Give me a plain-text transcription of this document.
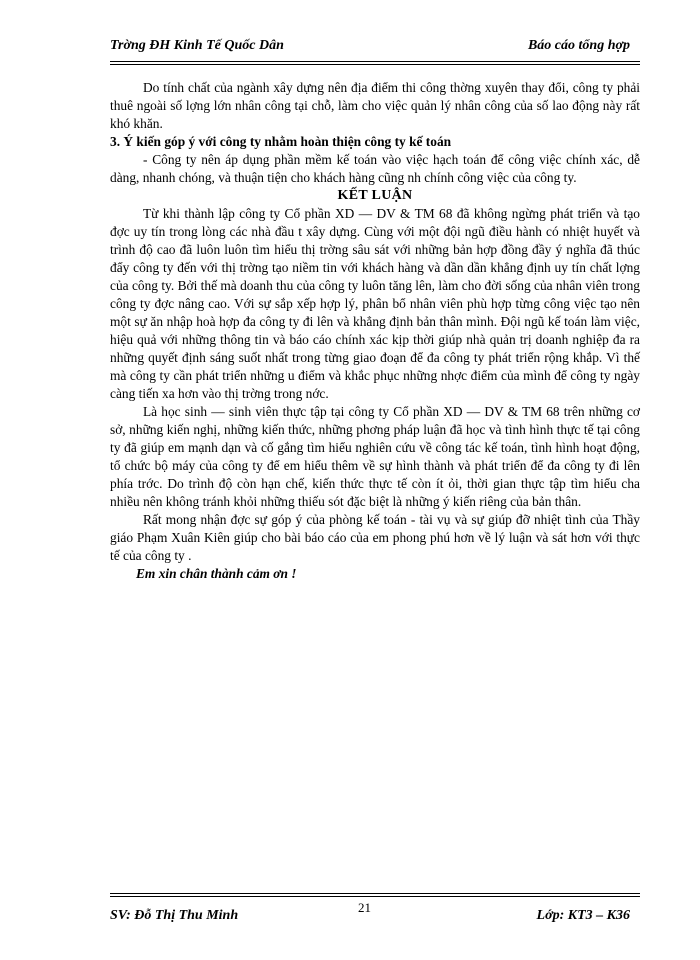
Trờng ĐH Kinh Tế Quốc Dân	Báo cáo tổng hợp

Do tính chất của ngành xây dựng nên địa điểm thi công thờng xuyên thay đổi, công ty phải thuê ngoài số lợng lớn nhân công tại chỗ, làm cho việc quản lý nhân công của số lao động này rất khó khăn.

3. Ý kiến góp ý với công ty nhằm hoàn thiện công ty kế toán

- Công ty nên áp dụng phần mềm kế toán vào việc hạch toán để công việc chính xác, dễ dàng, nhanh chóng, và thuận tiện cho khách hàng cũng nh chính công việc của công ty.

KẾT LUẬN

Từ khi thành lập công ty Cổ phần XD — DV & TM 68 đã không ngừng phát triển và tạo đợc uy tín trong lòng các nhà đầu t xây dựng. Cùng với một đội ngũ điều hành có nhiệt huyết và trình độ cao đã luôn luôn tìm hiểu thị trờng sâu sát với những bản hợp đồng đầy ý nghĩa đã thúc đẩy công ty đến với thị trờng tạo niềm tin với khách hàng và dần dần khẳng định uy tín chất lợng của công ty. Bởi thế mà doanh thu của công ty luôn tăng lên, làm cho đời sống của nhân viên trong công ty đợc nâng cao. Với sự sắp xếp hợp lý, phân bổ nhân viên phù hợp từng công việc tạo nên một sự ăn nhập hoà hợp đa công ty đi lên và khẳng định bản thân mình. Đội ngũ kế toán làm việc, hiệu quả với những thông tin và báo cáo chính xác kịp thời giúp nhà quản trị doanh nghiệp đa ra những quyết định sáng suốt nhất trong từng giao đoạn để đa công ty phát triển rộng khắp. Vì thế mà công ty cần phát triển những u điểm và khắc phục những nhợc điểm của mình để công ty ngày càng tiến xa hơn vào thị trờng trong nớc.

Là học sinh — sinh viên thực tập tại công ty Cổ phần XD — DV & TM 68 trên những cơ sở, những kiến nghị, những kiến thức, những phơng pháp luận đã học và tình hình thực tế tại công ty đã giúp em mạnh dạn và cố gắng tìm hiểu nghiên cứu về công tác kế toán, tình hình hoạt động, tổ chức bộ máy của công ty để em hiểu thêm về sự hình thành và phát triển để đa công ty đi lên phía trớc. Do trình độ còn hạn chế, kiến thức thực tế còn ít ỏi, thời gian thực tập tìm hiểu cha nhiều nên không tránh khỏi những thiếu sót đặc biệt là những ý kiến riêng của bản thân.

Rất mong nhận đợc sự góp ý của phòng kế toán - tài vụ và sự giúp đỡ nhiệt tình của Thầy giáo Phạm Xuân Kiên giúp cho bài báo cáo của em phong phú hơn về lý luận và sát hơn với thực tế của công ty .

Em xin chân thành cảm ơn !

SV: Đỗ Thị Thu Minh
21
Lớp: KT3 – K36
